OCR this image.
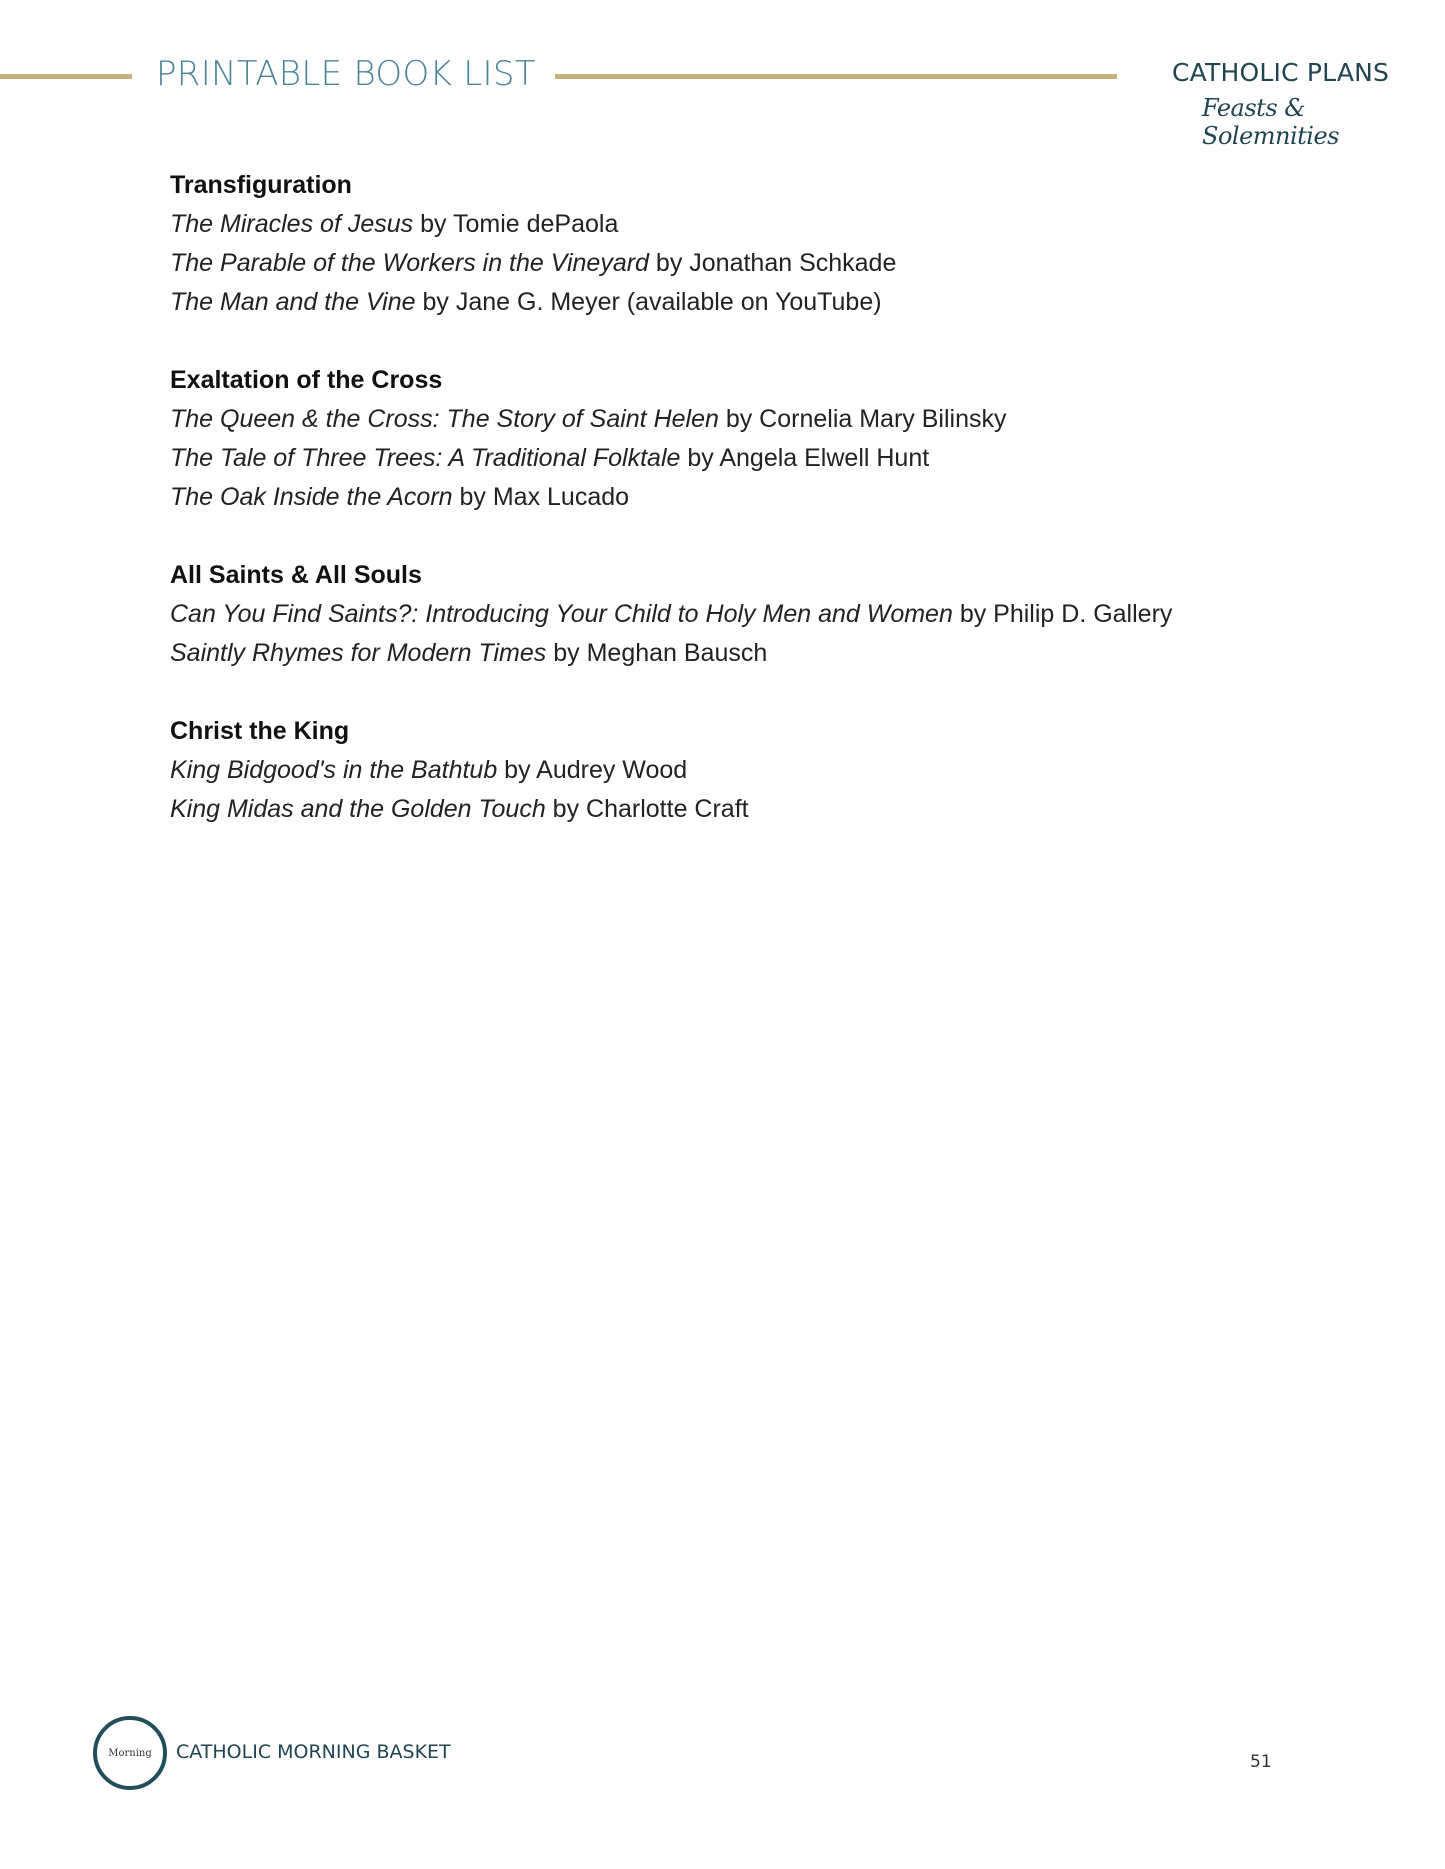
PRINTABLE BOOK LIST	CATHOLIC PLANS
Feasts & Solemnities
Transfiguration
The Miracles of Jesus by Tomie dePaola
The Parable of the Workers in the Vineyard by Jonathan Schkade
The Man and the Vine by Jane G. Meyer (available on YouTube)
Exaltation of the Cross
The Queen & the Cross: The Story of Saint Helen by Cornelia Mary Bilinsky
The Tale of Three Trees: A Traditional Folktale by Angela Elwell Hunt
The Oak Inside the Acorn by Max Lucado
All Saints & All Souls
Can You Find Saints?: Introducing Your Child to Holy Men and Women by Philip D. Gallery
Saintly Rhymes for Modern Times by Meghan Bausch
Christ the King
King Bidgood's in the Bathtub by Audrey Wood
King Midas and the Golden Touch by Charlotte Craft
Morning CATHOLIC MORNING BASKET	51
